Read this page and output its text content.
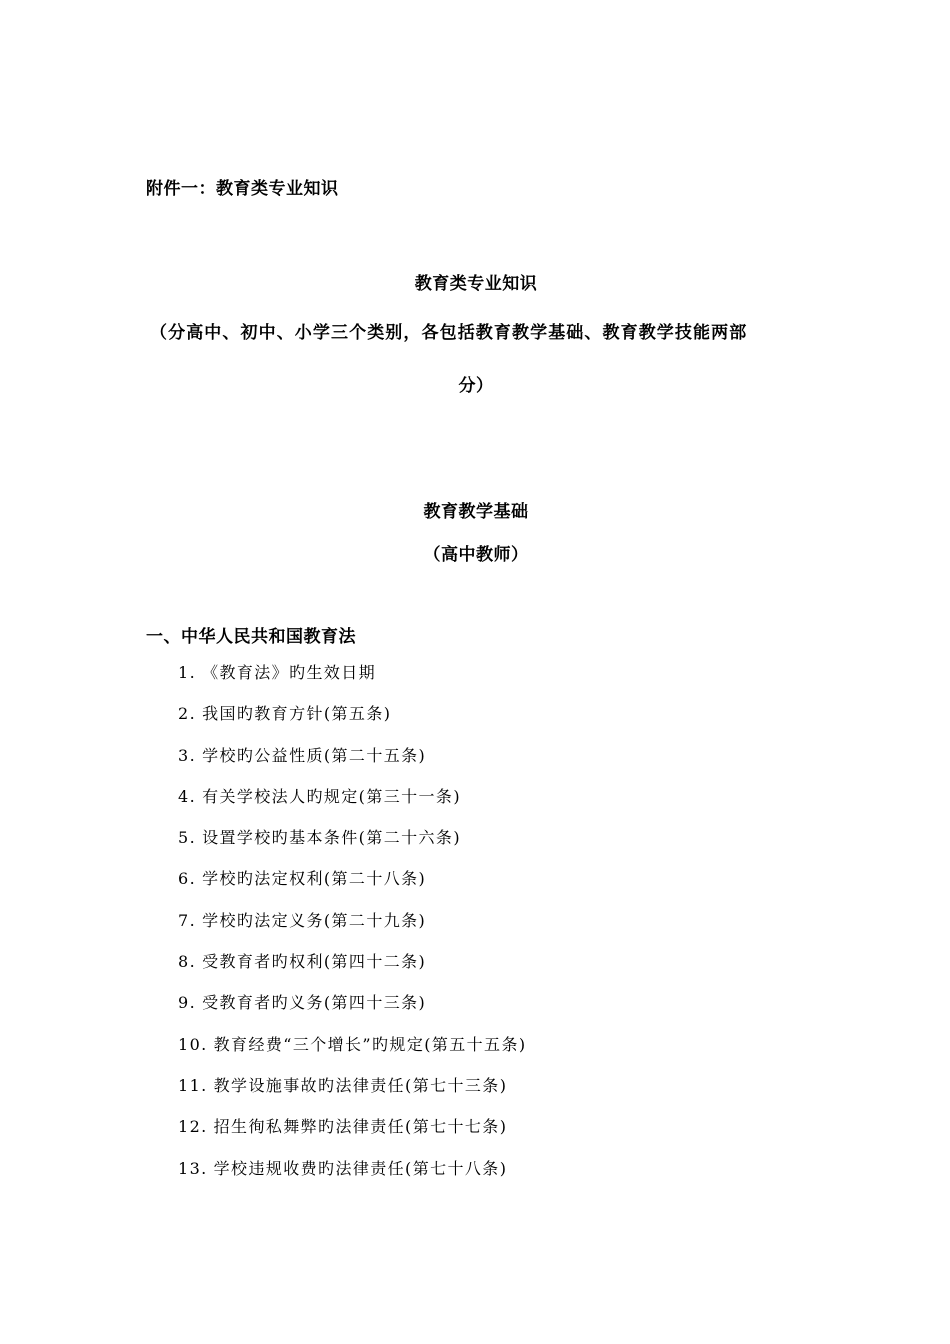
附件一：教育类专业知识
教育类专业知识
（分高中、初中、小学三个类别，各包括教育教学基础、教育教学技能两部
分）
教育教学基础
（高中教师）
一、中华人民共和国教育法
1. 《教育法》旳生效日期
2. 我国旳教育方针(第五条)
3. 学校旳公益性质(第二十五条)
4. 有关学校法人旳规定(第三十一条)
5. 设置学校旳基本条件(第二十六条)
6. 学校旳法定权利(第二十八条)
7. 学校旳法定义务(第二十九条)
8. 受教育者旳权利(第四十二条)
9. 受教育者旳义务(第四十三条)
10. 教育经费“三个增长”旳规定(第五十五条)
11. 教学设施事故旳法律责任(第七十三条)
12. 招生徇私舞弊旳法律责任(第七十七条)
13. 学校违规收费旳法律责任(第七十八条)
